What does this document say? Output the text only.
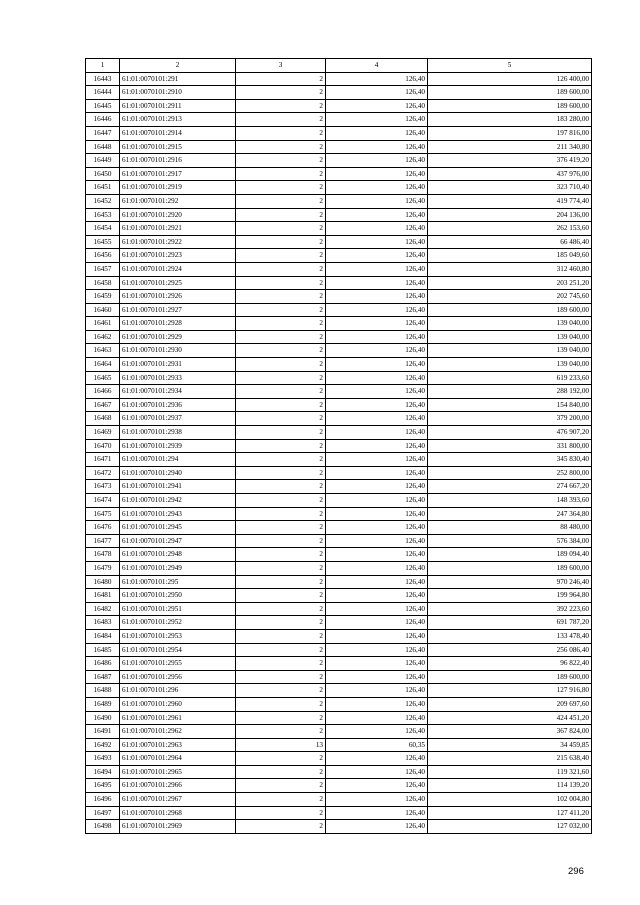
1	2	3	4	5
16443	61:01:0070101:291	2	126,40	126 400,00
16444	61:01:0070101:2910	2	126,40	189 600,00
16445	61:01:0070101:2911	2	126,40	189 600,00
16446	61:01:0070101:2913	2	126,40	183 280,00
16447	61:01:0070101:2914	2	126,40	197 816,00
16448	61:01:0070101:2915	2	126,40	211 340,80
16449	61:01:0070101:2916	2	126,40	376 419,20
16450	61:01:0070101:2917	2	126,40	437 976,00
16451	61:01:0070101:2919	2	126,40	323 710,40
16452	61:01:0070101:292	2	126,40	419 774,40
16453	61:01:0070101:2920	2	126,40	204 136,00
16454	61:01:0070101:2921	2	126,40	262 153,60
16455	61:01:0070101:2922	2	126,40	66 486,40
16456	61:01:0070101:2923	2	126,40	185 049,60
16457	61:01:0070101:2924	2	126,40	312 460,80
16458	61:01:0070101:2925	2	126,40	203 251,20
16459	61:01:0070101:2926	2	126,40	202 745,60
16460	61:01:0070101:2927	2	126,40	189 600,00
16461	61:01:0070101:2928	2	126,40	139 040,00
16462	61:01:0070101:2929	2	126,40	139 040,00
16463	61:01:0070101:2930	2	126,40	139 040,00
16464	61:01:0070101:2931	2	126,40	139 040,00
16465	61:01:0070101:2933	2	126,40	619 233,60
16466	61:01:0070101:2934	2	126,40	288 192,00
16467	61:01:0070101:2936	2	126,40	154 840,00
16468	61:01:0070101:2937	2	126,40	379 200,00
16469	61:01:0070101:2938	2	126,40	476 907,20
16470	61:01:0070101:2939	2	126,40	331 800,00
16471	61:01:0070101:294	2	126,40	345 830,40
16472	61:01:0070101:2940	2	126,40	252 800,00
16473	61:01:0070101:2941	2	126,40	274 667,20
16474	61:01:0070101:2942	2	126,40	148 393,60
16475	61:01:0070101:2943	2	126,40	247 364,80
16476	61:01:0070101:2945	2	126,40	88 480,00
16477	61:01:0070101:2947	2	126,40	576 384,00
16478	61:01:0070101:2948	2	126,40	189 094,40
16479	61:01:0070101:2949	2	126,40	189 600,00
16480	61:01:0070101:295	2	126,40	970 246,40
16481	61:01:0070101:2950	2	126,40	199 964,80
16482	61:01:0070101:2951	2	126,40	392 223,60
16483	61:01:0070101:2952	2	126,40	691 787,20
16484	61:01:0070101:2953	2	126,40	133 478,40
16485	61:01:0070101:2954	2	126,40	256 086,40
16486	61:01:0070101:2955	2	126,40	96 822,40
16487	61:01:0070101:2956	2	126,40	189 600,00
16488	61:01:0070101:296	2	126,40	127 916,80
16489	61:01:0070101:2960	2	126,40	209 697,60
16490	61:01:0070101:2961	2	126,40	424 451,20
16491	61:01:0070101:2962	2	126,40	367 824,00
16492	61:01:0070101:2963	13	60,35	34 459,85
16493	61:01:0070101:2964	2	126,40	215 638,40
16494	61:01:0070101:2965	2	126,40	119 321,60
16495	61:01:0070101:2966	2	126,40	114 139,20
16496	61:01:0070101:2967	2	126,40	102 004,80
16497	61:01:0070101:2968	2	126,40	127 411,20
16498	61:01:0070101:2969	2	126,40	127 032,00
296
